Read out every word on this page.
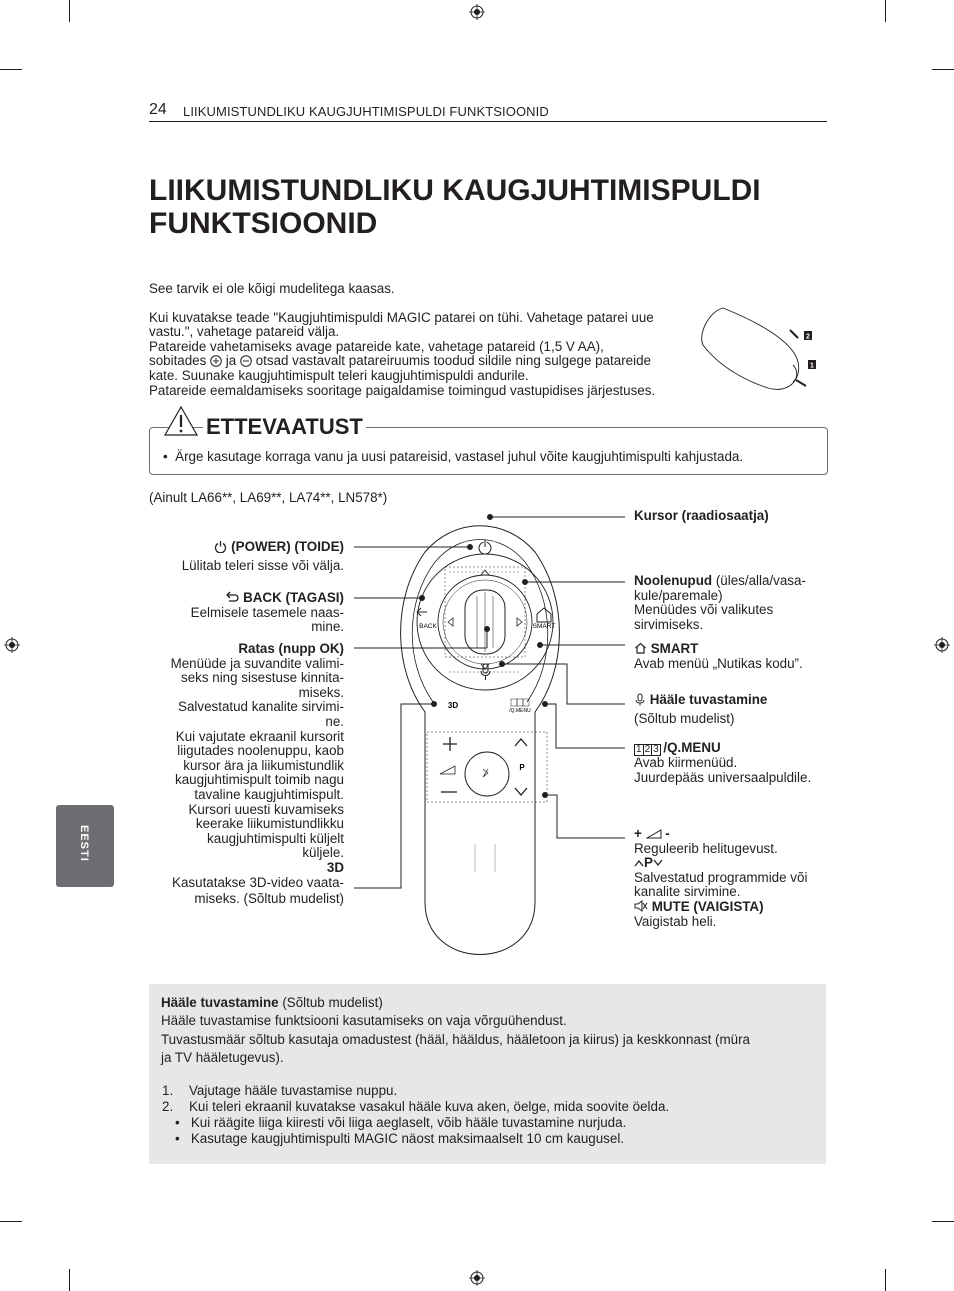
24 LIIKUMISTUNDLIKU KAUGJUHTIMISPULDI FUNKTSIOONID
LIIKUMISTUNDLIKU KAUGJUHTIMISPULDI
FUNKTSIOONID
See tarvik ei ole kõigi mudelitega kaasas.
Kui kuvatakse teade "Kaugjuhtimispuldi MAGIC patarei on tühi. Vahetage patarei uue vastu.", vahetage patareid välja.
Patareide vahetamiseks avage patareide kate, vahetage patareid (1,5 V AA),
sobitades ja otsad vastavalt patareiruumis toodud sildile ning sulgege patareide
kate. Suunake kaugjuhtimispult teleri kaugjuhtimispuldi andurile.
Patareide eemaldamiseks sooritage paigaldamise toimingud vastupidises järjestuses.
2
1
ETTEVAATUST
•  Ärge kasutage korraga vanu ja uusi patareisid, vastasel juhul võite kaugjuhtimispulti kahjustada.
(Ainult LA66**, LA69**, LA74**, LN578*)
BACK	SMART
3D
/Q.MENU
P
(POWER) (TOIDE)
Lülitab teleri sisse või välja.
BACK (TAGASI)
Eelmisele tasemele naas-
mine.
Ratas (nupp OK)
Menüüde ja suvandite valimi-
seks ning sisestuse kinnita-
miseks.
Salvestatud kanalite sirvimi-
ne.
Kui vajutate ekraanil kursorit
liigutades noolenuppu, kaob
kursor ära ja liikumistundlik
kaugjuhtimispult toimib nagu
tavaline kaugjuhtimispult.
Kursori uuesti kuvamiseks
keerake liikumistundlikku
kaugjuhtimispulti küljelt
küljele.
3D
Kasutatakse 3D-video vaata-
miseks. (Sõltub mudelist)
Kursor (raadiosaatja)
Noolenupud (üles/alla/vasa-
kule/paremale)
Menüüdes või valikutes
sirvimiseks.
SMART
Avab menüü „Nutikas kodu”.
Hääle tuvastamine
(Sõltub mudelist)
1 2 3 /Q.MENU
Avab kiirmenüüd.
Juurdepääs universaalpuldile.
+ -
Reguleerib helitugevust.
P
Salvestatud programmide või
kanalite sirvimine.
MUTE (VAIGISTA)
Vaigistab heli.
EESTI
Hääle tuvastamine (Sõltub mudelist)
Hääle tuvastamise funktsiooni kasutamiseks on vaja võrguühendust.
Tuvastusmäär sõltub kasutaja omadustest (hääl, hääldus, hääletoon ja kiirus) ja keskkonnast (müra
ja TV hääletugevus).
1. Vajutage hääle tuvastamise nuppu.
2. Kui teleri ekraanil kuvatakse vasakul hääle kuva aken, öelge, mida soovite öelda.
•   Kui räägite liiga kiiresti või liiga aeglaselt, võib hääle tuvastamine nurjuda.
•   Kasutage kaugjuhtimispulti MAGIC näost maksimaalselt 10 cm kaugusel.
